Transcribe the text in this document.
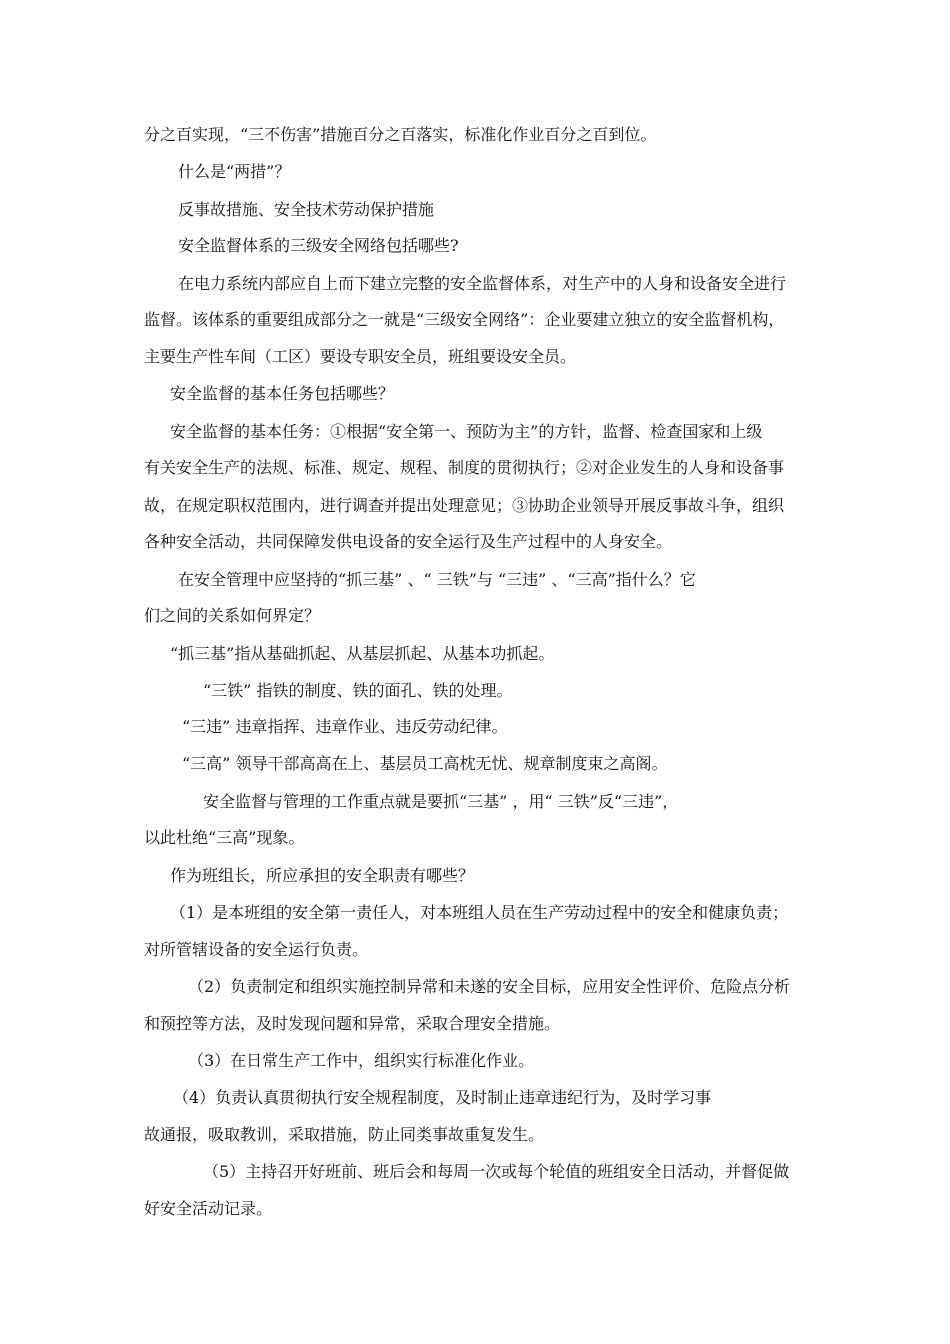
分之百实现，“三不伤害”措施百分之百落实，标准化作业百分之百到位。
什么是“两措”？
反事故措施、安全技术劳动保护措施
安全监督体系的三级安全网络包括哪些?
在电力系统内部应自上而下建立完整的安全监督体系，对生产中的人身和设备安全进行
监督。该体系的重要组成部分之一就是“三级安全网络”：企业要建立独立的安全监督机构，
主要生产性车间（工区）要设专职安全员，班组要设安全员。
安全监督的基本任务包括哪些？
安全监督的基本任务：①根据“安全第一、预防为主”的方针，监督、检查国家和上级
有关安全生产的法规、标准、规定、规程、制度的贯彻执行；②对企业发生的人身和设备事
故，在规定职权范围内，进行调查并提出处理意见；③协助企业领导开展反事故斗争，组织
各种安全活动，共同保障发供电设备的安全运行及生产过程中的人身安全。
在安全管理中应坚持的“抓三基” 、“ 三铁”与 “三违” 、“三高”指什么？它
们之间的关系如何界定？
“抓三基”指从基础抓起、从基层抓起、从基本功抓起。
“三铁” 指铁的制度、铁的面孔、铁的处理。
“三违” 违章指挥、违章作业、违反劳动纪律。
“三高” 领导干部高高在上、基层员工高枕无忧、规章制度束之高阁。
安全监督与管理的工作重点就是要抓“三基” ，用“ 三铁”反“三违”，
以此杜绝“三高”现象。
作为班组长，所应承担的安全职责有哪些？
（1）是本班组的安全第一责任人，对本班组人员在生产劳动过程中的安全和健康负责；
对所管辖设备的安全运行负责。
（2）负责制定和组织实施控制异常和未遂的安全目标，应用安全性评价、危险点分析
和预控等方法，及时发现问题和异常，采取合理安全措施。
（3）在日常生产工作中，组织实行标准化作业。
（4）负责认真贯彻执行安全规程制度，及时制止违章违纪行为，及时学习事
故通报，吸取教训，采取措施，防止同类事故重复发生。
（5）主持召开好班前、班后会和每周一次或每个轮值的班组安全日活动，并督促做
好安全活动记录。
